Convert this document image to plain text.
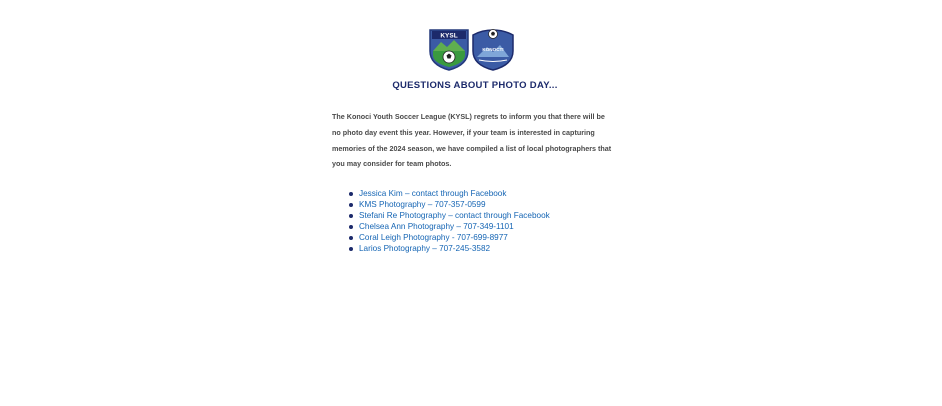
KYSL
KONOCTI
QUESTIONS ABOUT PHOTO DAY...

The Konoci Youth Soccer League (KYSL) regrets to inform you that there will be no photo day event this year. However, if your team is interested in capturing memories of the 2024 season, we have compiled a list of local photographers that you may consider for team photos.

Jessica Kim – contact through Facebook
KMS Photography – 707-357-0599
Stefani Re Photography – contact through Facebook
Chelsea Ann Photography – 707-349-1101
Coral Leigh Photography - 707-699-8977
Larios Photography – 707-245-3582
